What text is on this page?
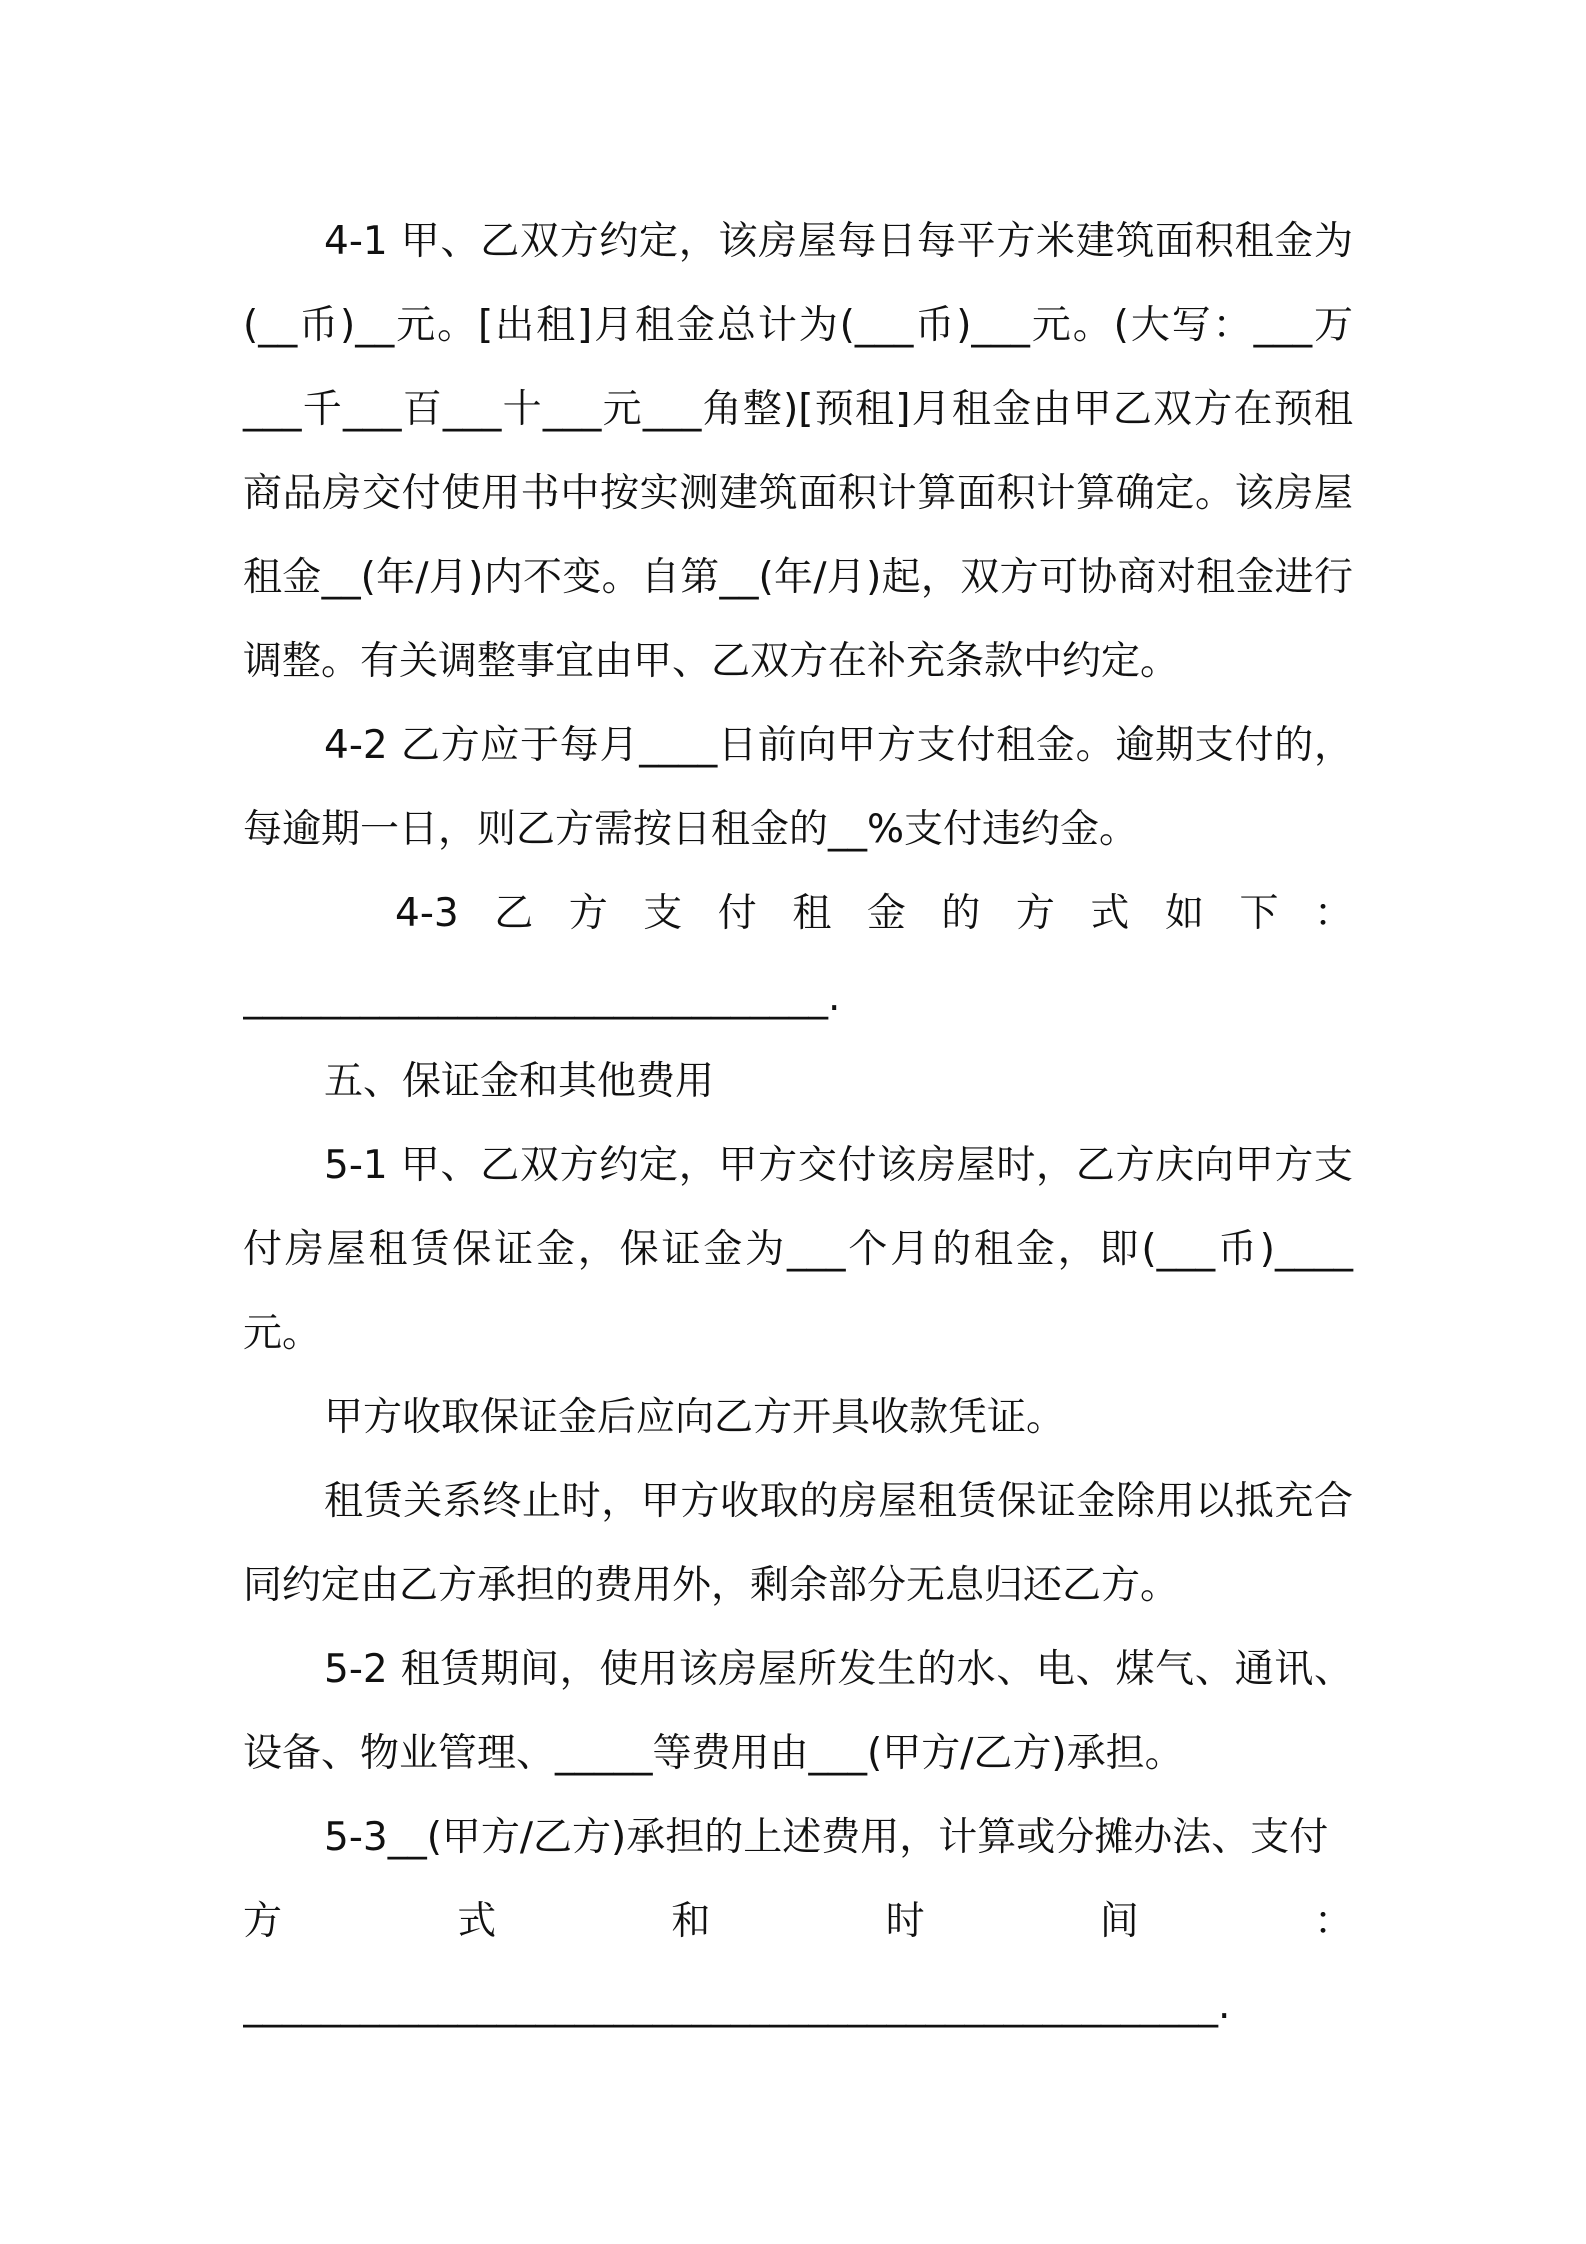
4-1 甲、乙双方约定，该房屋每日每平方米建筑面积租金为(__币)__元。[出租]月租金总计为(___币)___元。(大写：___万___千___百___十___元___角整)[预租]月租金由甲乙双方在预租商品房交付使用书中按实测建筑面积计算面积计算确定。该房屋租金__(年/月)内不变。自第__(年/月)起，双方可协商对租金进行调整。有关调整事宜由甲、乙双方在补充条款中约定。

4-2 乙方应于每月____日前向甲方支付租金。逾期支付的，每逾期一日，则乙方需按日租金的__%支付违约金。

4-3乙方支付租金的方式如下：

______________________________.

五、保证金和其他费用

5-1 甲、乙双方约定，甲方交付该房屋时，乙方庆向甲方支付房屋租赁保证金，保证金为___个月的租金，即(___币)____元。

甲方收取保证金后应向乙方开具收款凭证。

租赁关系终止时，甲方收取的房屋租赁保证金除用以抵充合同约定由乙方承担的费用外，剩余部分无息归还乙方。

5-2 租赁期间，使用该房屋所发生的水、电、煤气、通讯、设备、物业管理、_____等费用由___(甲方/乙方)承担。

5-3__(甲方/乙方)承担的上述费用，计算或分摊办法、支付

方式和时间：

__________________________________________________.
